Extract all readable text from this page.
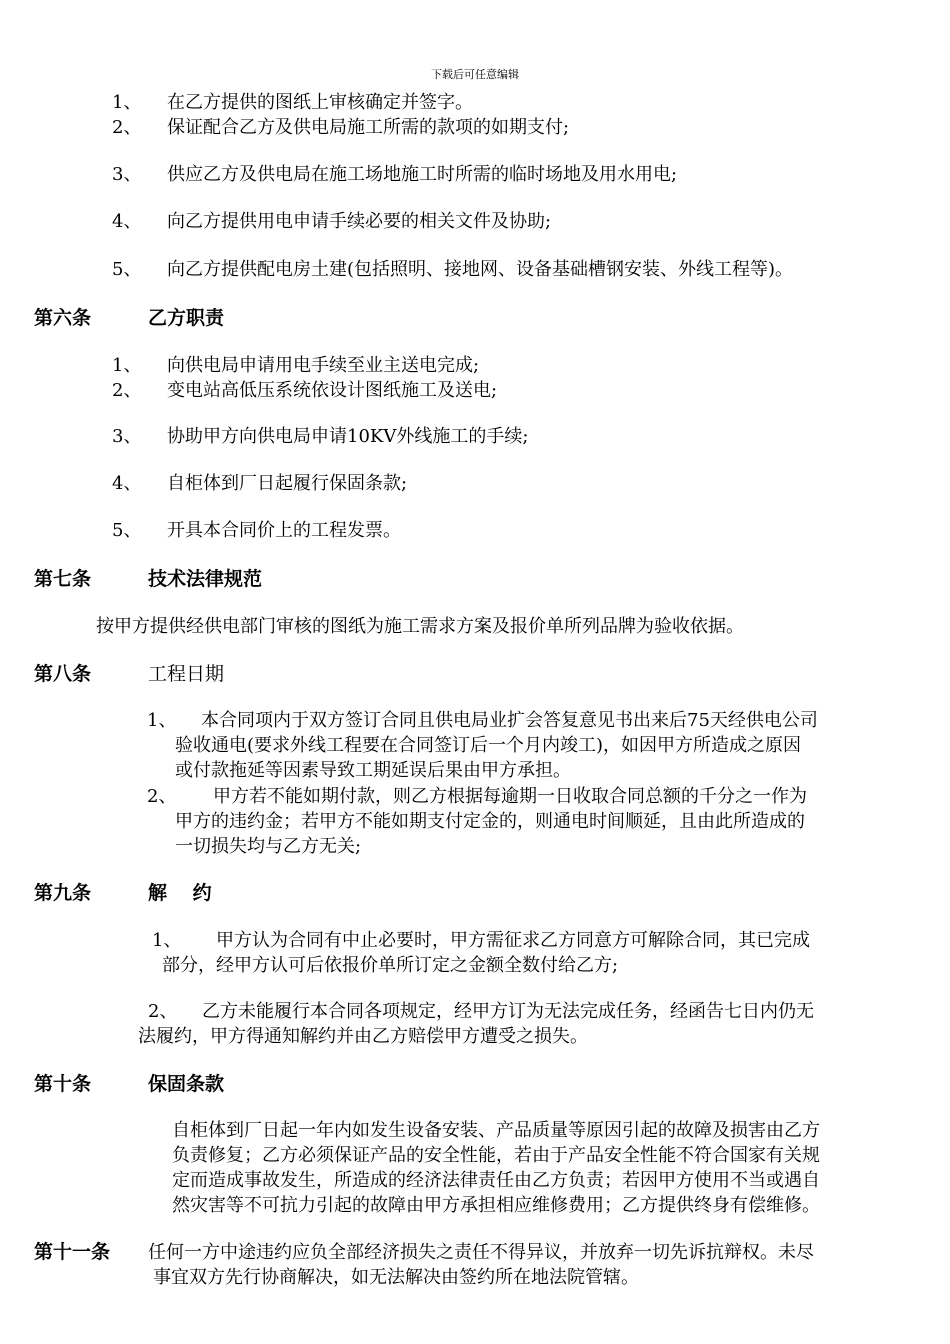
下载后可任意编辑
1、	在乙方提供的图纸上审核确定并签字。
2、	保证配合乙方及供电局施工所需的款项的如期支付;
3、	供应乙方及供电局在施工场地施工时所需的临时场地及用水用电;
4、	向乙方提供用电申请手续必要的相关文件及协助;
5、	向乙方提供配电房土建(包括照明、接地网、设备基础槽钢安装、外线工程等)。
第六条	乙方职责
1、	向供电局申请用电手续至业主送电完成;
2、	变电站高低压系统依设计图纸施工及送电;
3、	协助甲方向供电局申请10KV外线施工的手续;
4、	自柜体到厂日起履行保固条款;
5、	开具本合同价上的工程发票。
第七条	技术法律规范
按甲方提供经供电部门审核的图纸为施工需求方案及报价单所列品牌为验收依据。
第八条	工程日期
1、	本合同项内于双方签订合同且供电局业扩会答复意见书出来后75天经供电公司
验收通电(要求外线工程要在合同签订后一个月内竣工)，如因甲方所造成之原因
或付款拖延等因素导致工期延误后果由甲方承担。
2、	甲方若不能如期付款，则乙方根据每逾期一日收取合同总额的千分之一作为
甲方的违约金；若甲方不能如期支付定金的，则通电时间顺延，且由此所造成的
一切损失均与乙方无关;
第九条	解　 约
1、	甲方认为合同有中止必要时，甲方需征求乙方同意方可解除合同，其已完成
部分，经甲方认可后依报价单所订定之金额全数付给乙方;
2、	乙方未能履行本合同各项规定，经甲方订为无法完成任务，经函告七日内仍无
法履约，甲方得通知解约并由乙方赔偿甲方遭受之损失。
第十条	保固条款
自柜体到厂日起一年内如发生设备安装、产品质量等原因引起的故障及损害由乙方
负责修复；乙方必须保证产品的安全性能，若由于产品安全性能不符合国家有关规
定而造成事故发生，所造成的经济法律责任由乙方负责；若因甲方使用不当或遇自
然灾害等不可抗力引起的故障由甲方承担相应维修费用；乙方提供终身有偿维修。
第十一条 任何一方中途违约应负全部经济损失之责任不得异议，并放弃一切先诉抗辩权。未尽
事宜双方先行协商解决，如无法解决由签约所在地法院管辖。
